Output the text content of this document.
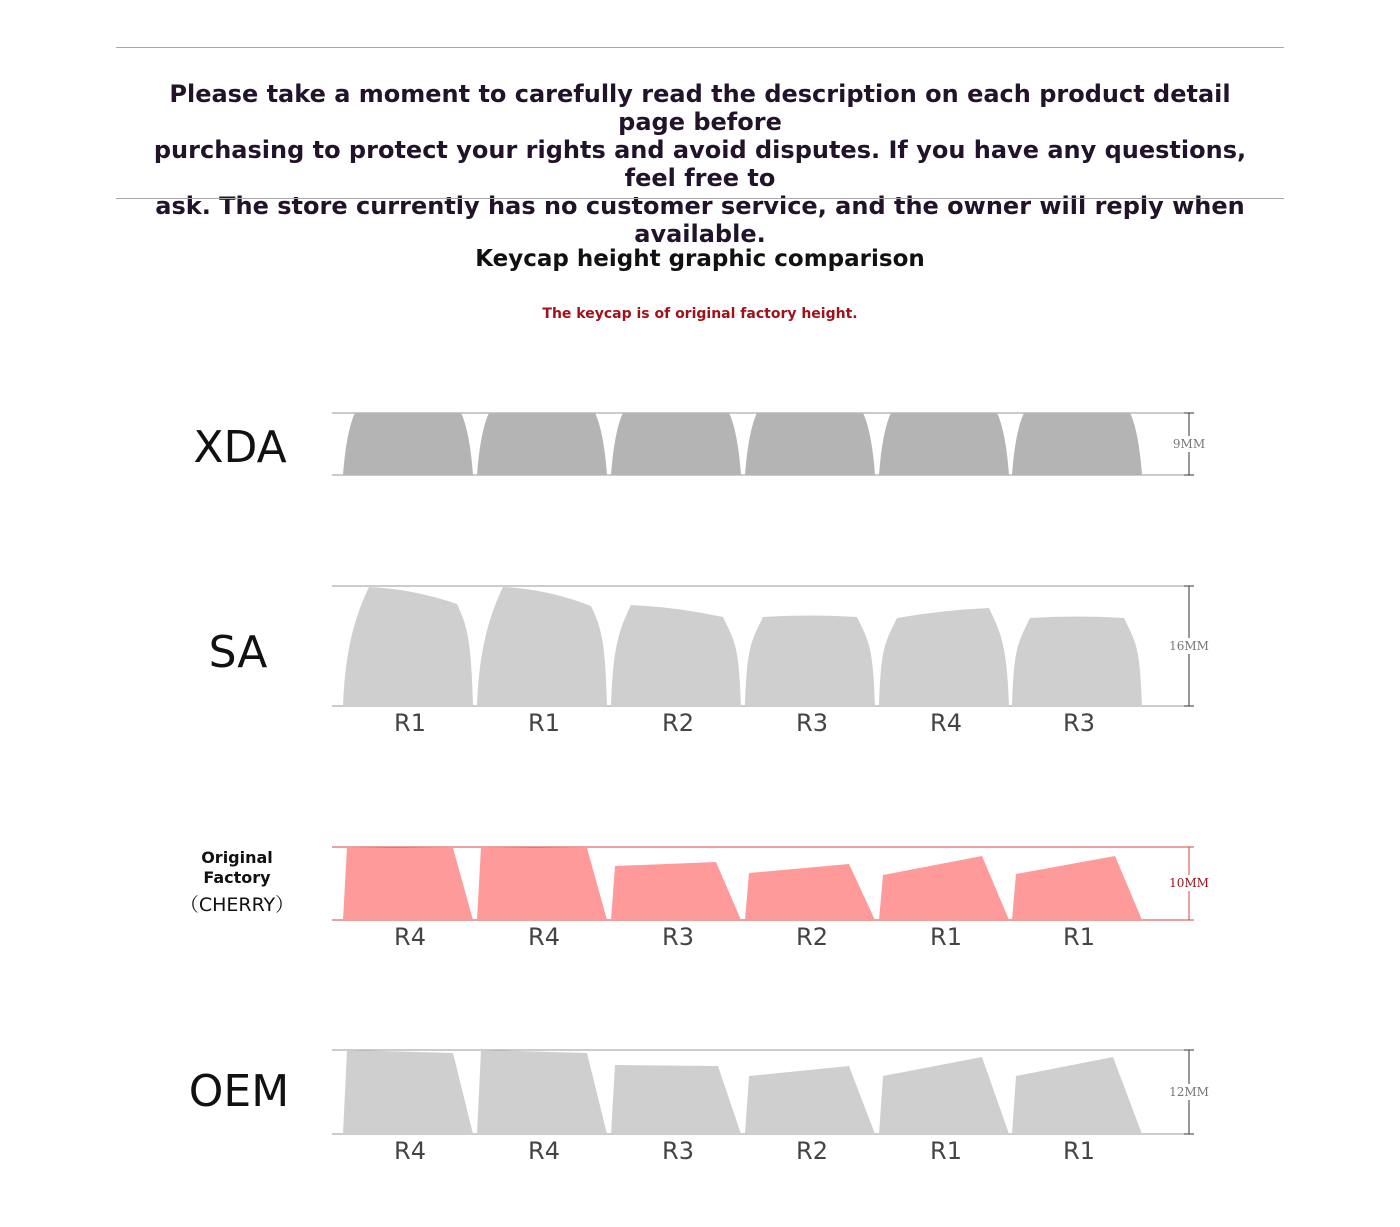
Please take a moment to carefully read the description on each product detail page before
purchasing to protect your rights and avoid disputes. If you have any questions, feel free to
ask. The store currently has no customer service, and the owner will reply when available.
Keycap height graphic comparison
The keycap is of original factory height.
XDA	9MM
SA	16MM
R1	R1	R2	R3	R4	R3
Original
Factory
（CHERRY）
10MM
R4	R4	R3	R2	R1	R1
OEM	12MM
R4	R4	R3	R2	R1	R1
